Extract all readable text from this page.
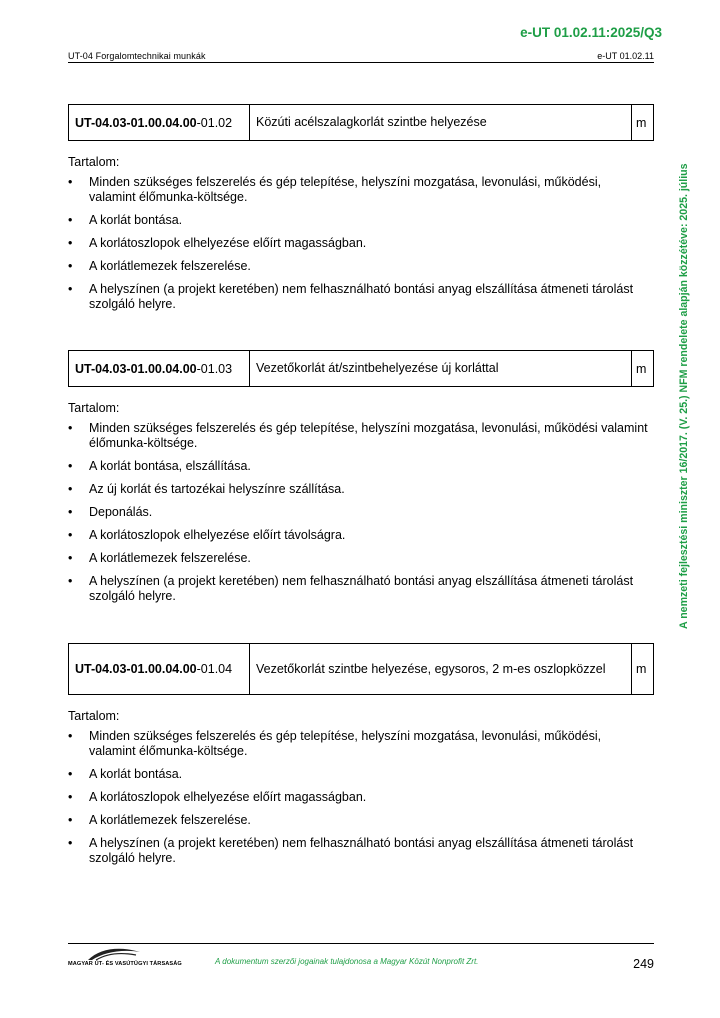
e-UT 01.02.11:2025/Q3
UT-04 Forgalomtechnikai munkák	e-UT 01.02.11
A nemzeti fejlesztési miniszter 16/2017. (V. 25.) NFM rendelete alapján közzétéve: 2025. július
UT-04.03-01.00.04.00-01.02	Közúti acélszalagkorlát szintbe helyezése	m
Tartalom:
• Minden szükséges felszerelés és gép telepítése, helyszíni mozgatása, levonulási, működési, valamint élőmunka-költsége.
• A korlát bontása.
• A korlátoszlopok elhelyezése előírt magasságban.
• A korlátlemezek felszerelése.
• A helyszínen (a projekt keretében) nem felhasználható bontási anyag elszállítása átmeneti tárolást szolgáló helyre.
UT-04.03-01.00.04.00-01.03	Vezetőkorlát át/szintbehelyezése új korláttal	m
Tartalom:
• Minden szükséges felszerelés és gép telepítése, helyszíni mozgatása, levonulási, működési valamint élőmunka-költsége.
• A korlát bontása, elszállítása.
• Az új korlát és tartozékai helyszínre szállítása.
• Deponálás.
• A korlátoszlopok elhelyezése előírt távolságra.
• A korlátlemezek felszerelése.
• A helyszínen (a projekt keretében) nem felhasználható bontási anyag elszállítása átmeneti tárolást szolgáló helyre.
UT-04.03-01.00.04.00-01.04	Vezetőkorlát szintbe helyezése, egysoros, 2 m-es oszlopközzel	m
Tartalom:
• Minden szükséges felszerelés és gép telepítése, helyszíni mozgatása, levonulási, működési, valamint élőmunka-költsége.
• A korlát bontása.
• A korlátoszlopok elhelyezése előírt magasságban.
• A korlátlemezek felszerelése.
• A helyszínen (a projekt keretében) nem felhasználható bontási anyag elszállítása átmeneti tárolást szolgáló helyre.
MAGYAR ÚT- ÉS VASÚTÜGYI TÁRSASÁG	A dokumentum szerzői jogainak tulajdonosa a Magyar Közút Nonprofit Zrt.	249
